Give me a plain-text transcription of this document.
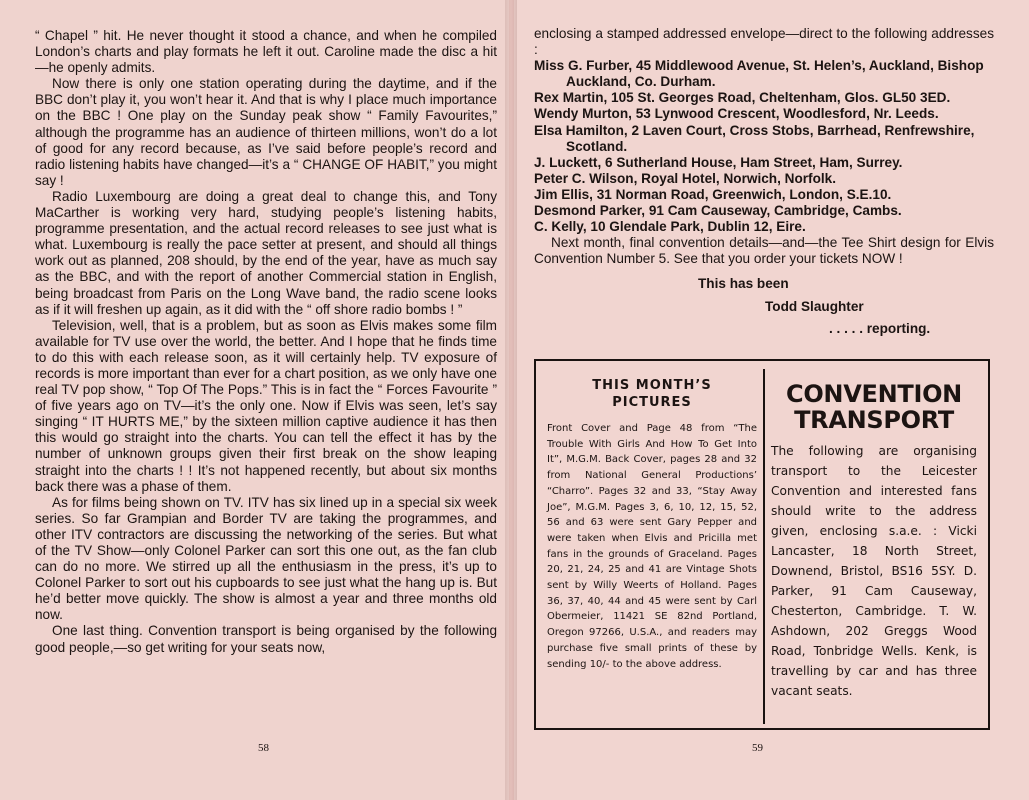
“ Chapel ” hit. He never thought it stood a chance, and when he compiled London’s charts and play formats he left it out. Caroline made the disc a hit—he openly admits.

Now there is only one station operating during the daytime, and if the BBC don’t play it, you won’t hear it. And that is why I place much importance on the BBC ! One play on the Sunday peak show “ Family Favourites,” although the programme has an audience of thirteen millions, won’t do a lot of good for any record because, as I’ve said before people’s record and radio listening habits have changed—it’s a “ CHANGE OF HABIT,” you might say !

Radio Luxembourg are doing a great deal to change this, and Tony MaCarther is working very hard, studying people’s listening habits, programme presentation, and the actual record releases to see just what is what. Luxembourg is really the pace setter at present, and should all things work out as planned, 208 should, by the end of the year, have as much say as the BBC, and with the report of another Commercial station in English, being broadcast from Paris on the Long Wave band, the radio scene looks as if it will freshen up again, as it did with the “ off shore radio bombs ! ”

Television, well, that is a problem, but as soon as Elvis makes some film available for TV use over the world, the better. And I hope that he finds time to do this with each release soon, as it will certainly help. TV exposure of records is more important than ever for a chart position, as we only have one real TV pop show, “ Top Of The Pops.” This is in fact the “ Forces Favourite ” of five years ago on TV—it’s the only one. Now if Elvis was seen, let’s say singing “ IT HURTS ME,” by the sixteen million captive audience it has then this would go straight into the charts. You can tell the effect it has by the number of unknown groups given their first break on the show leaping straight into the charts ! ! It’s not happened recently, but about six months back there was a phase of them.

As for films being shown on TV. ITV has six lined up in a special six week series. So far Grampian and Border TV are taking the programmes, and other ITV contractors are discussing the networking of the series. But what of the TV Show—only Colonel Parker can sort this one out, as the fan club can do no more. We stirred up all the enthusiasm in the press, it’s up to Colonel Parker to sort out his cupboards to see just what the hang up is. But he’d better move quickly. The show is almost a year and three months old now.

One last thing. Convention transport is being organised by the following good people,—so get writing for your seats now,

58

enclosing a stamped addressed envelope—direct to the following addresses :

Miss G. Furber, 45 Middlewood Avenue, St. Helen’s, Auckland, Bishop Auckland, Co. Durham.

Rex Martin, 105 St. Georges Road, Cheltenham, Glos. GL50 3ED.

Wendy Murton, 53 Lynwood Crescent, Woodlesford, Nr. Leeds.

Elsa Hamilton, 2 Laven Court, Cross Stobs, Barrhead, Renfrewshire, Scotland.

J. Luckett, 6 Sutherland House, Ham Street, Ham, Surrey.

Peter C. Wilson, Royal Hotel, Norwich, Norfolk.

Jim Ellis, 31 Norman Road, Greenwich, London, S.E.10.

Desmond Parker, 91 Cam Causeway, Cambridge, Cambs.

C. Kelly, 10 Glendale Park, Dublin 12, Eire.

Next month, final convention details—and—the Tee Shirt design for Elvis Convention Number 5. See that you order your tickets NOW !

This has been

Todd Slaughter

. . . . . reporting.

THIS MONTH’S
PICTURES

Front Cover and Page 48 from “The Trouble With Girls And How To Get Into It”, M.G.M. Back Cover, pages 28 and 32 from National General Productions’ “Charro”. Pages 32 and 33, “Stay Away Joe”, M.G.M. Pages 3, 6, 10, 12, 15, 52, 56 and 63 were sent Gary Pepper and were taken when Elvis and Pricilla met fans in the grounds of Graceland. Pages 20, 21, 24, 25 and 41 are Vintage Shots sent by Willy Weerts of Holland. Pages 36, 37, 40, 44 and 45 were sent by Carl Obermeier, 11421 SE 82nd Portland, Oregon 97266, U.S.A., and readers may purchase five small prints of these by sending 10/- to the above address.

CONVENTION
TRANSPORT

The following are organising transport to the Leicester Convention and interested fans should write to the address given, enclosing s.a.e. : Vicki Lancaster, 18 North Street, Downend, Bristol, BS16 5SY. D. Parker, 91 Cam Causeway, Chesterton, Cambridge. T. W. Ashdown, 202 Greggs Wood Road, Tonbridge Wells. Kenk, is travelling by car and has three vacant seats.

59
